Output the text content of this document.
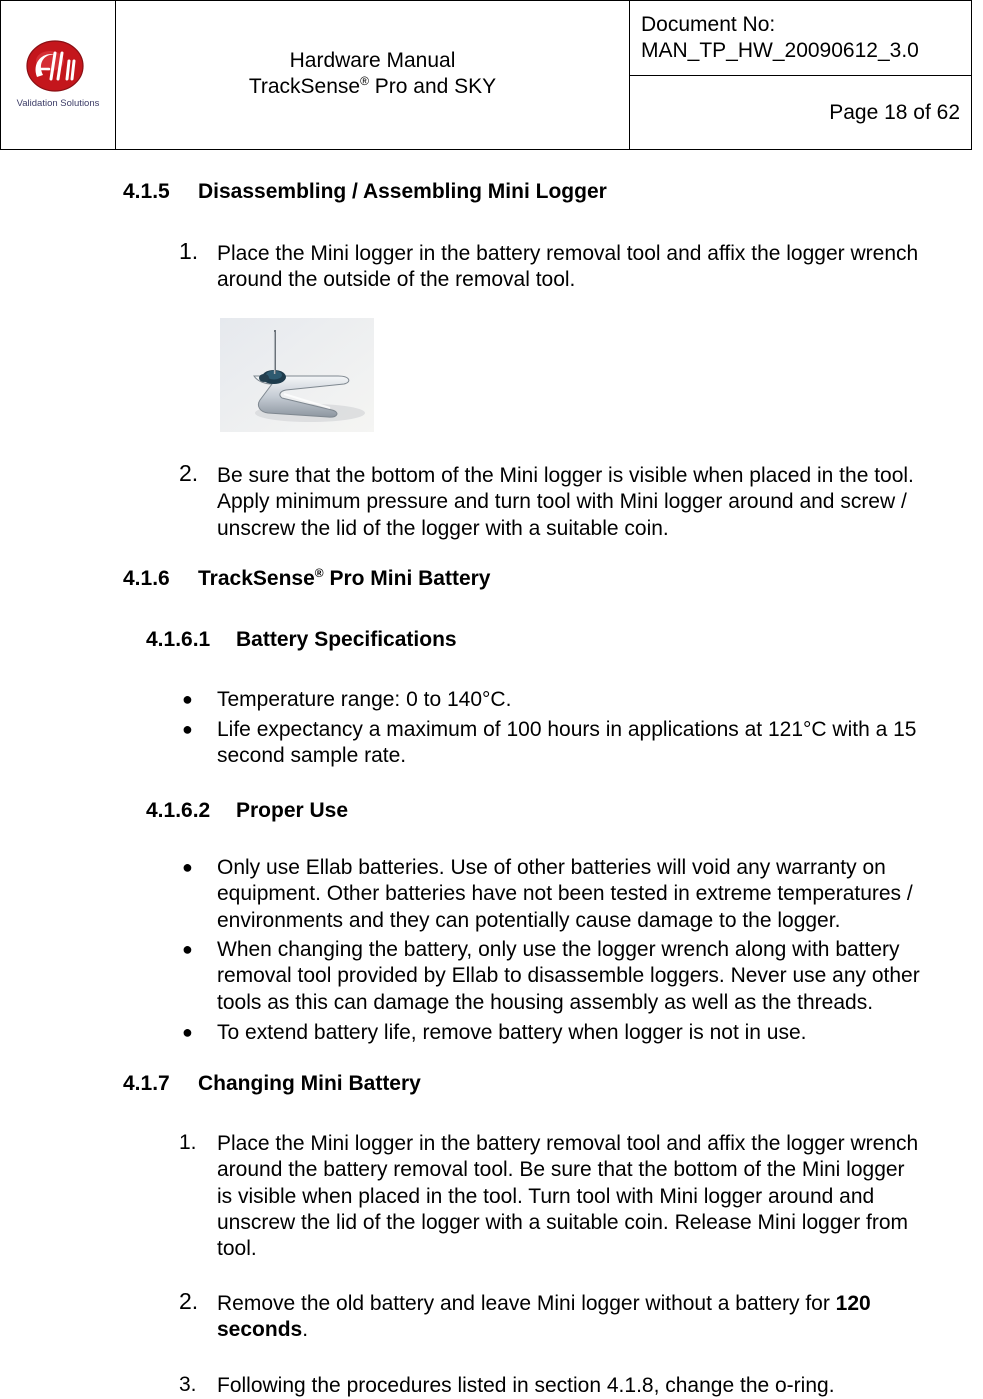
Validation Solutions
Hardware Manual
TrackSense® Pro and SKY
Document No:
MAN_TP_HW_20090612_3.0
Page 18 of 62
4.1.5 Disassembling / Assembling Mini Logger
1. Place the Mini logger in the battery removal tool and affix the logger wrench
around the outside of the removal tool.
2. Be sure that the bottom of the Mini logger is visible when placed in the tool.
Apply minimum pressure and turn tool with Mini logger around and screw /
unscrew the lid of the logger with a suitable coin.
4.1.6 TrackSense® Pro Mini Battery
4.1.6.1 Battery Specifications
● Temperature range: 0 to 140°C.
● Life expectancy a maximum of 100 hours in applications at 121°C with a 15
second sample rate.
4.1.6.2 Proper Use
● Only use Ellab batteries. Use of other batteries will void any warranty on
equipment. Other batteries have not been tested in extreme temperatures /
environments and they can potentially cause damage to the logger.
● When changing the battery, only use the logger wrench along with battery
removal tool provided by Ellab to disassemble loggers. Never use any other
tools as this can damage the housing assembly as well as the threads.
● To extend battery life, remove battery when logger is not in use.
4.1.7 Changing Mini Battery
1. Place the Mini logger in the battery removal tool and affix the logger wrench
around the battery removal tool. Be sure that the bottom of the Mini logger
is visible when placed in the tool. Turn tool with Mini logger around and
unscrew the lid of the logger with a suitable coin. Release Mini logger from
tool.
2. Remove the old battery and leave Mini logger without a battery for 120
seconds.
3. Following the procedures listed in section 4.1.8, change the o-ring.
